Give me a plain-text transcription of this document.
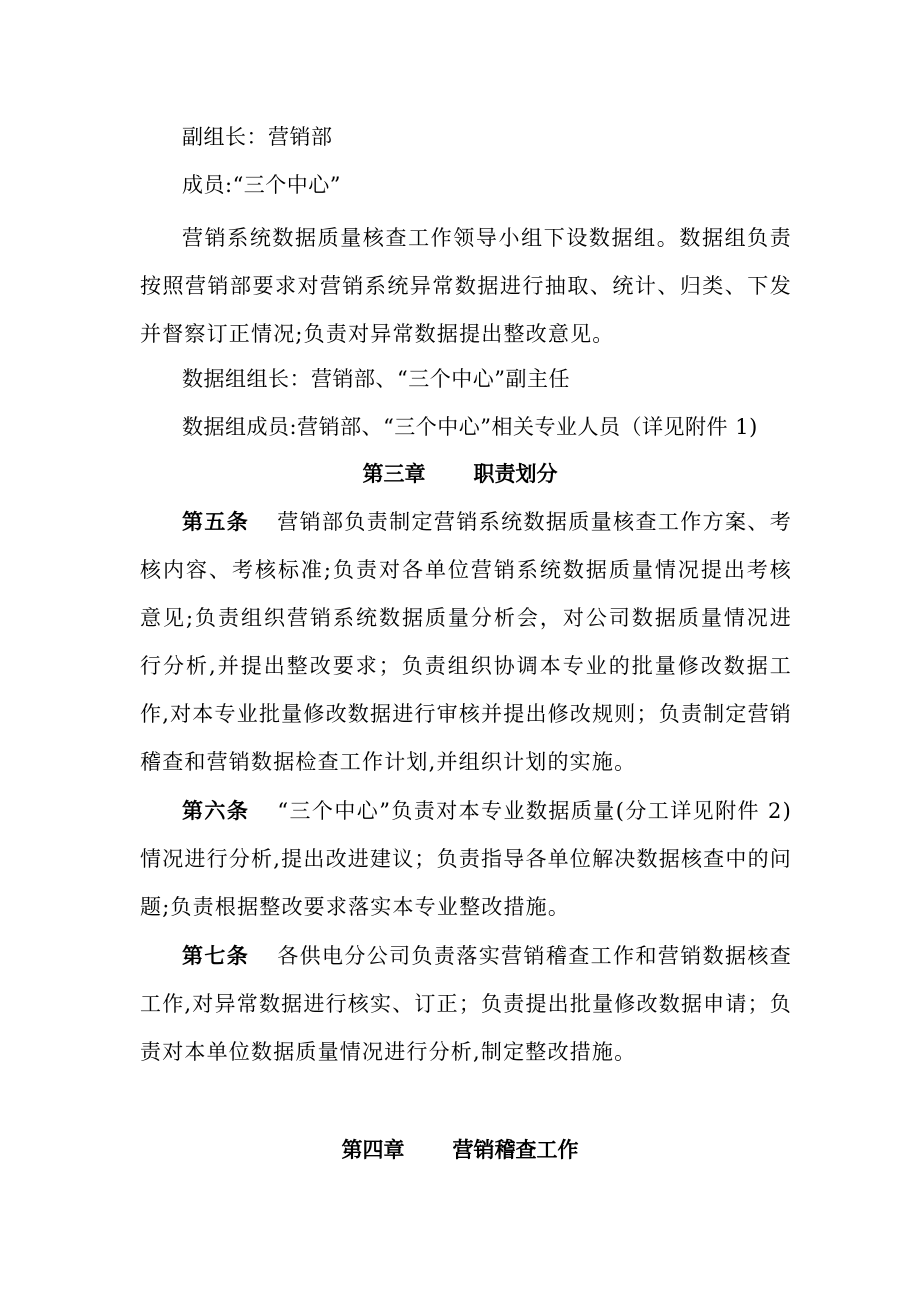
副组长：营销部
成员:“三个中心”
营销系统数据质量核查工作领导小组下设数据组。数据组负责按照营销部要求对营销系统异常数据进行抽取、统计、归类、下发并督察订正情况;负责对异常数据提出整改意见。
数据组组长：营销部、“三个中心”副主任
数据组成员:营销部、“三个中心”相关专业人员（详见附件 1)
第三章 职责划分
第五条 营销部负责制定营销系统数据质量核查工作方案、考核内容、考核标准;负责对各单位营销系统数据质量情况提出考核意见;负责组织营销系统数据质量分析会，对公司数据质量情况进行分析,并提出整改要求；负责组织协调本专业的批量修改数据工作,对本专业批量修改数据进行审核并提出修改规则；负责制定营销稽查和营销数据检查工作计划,并组织计划的实施。
第六条 “三个中心”负责对本专业数据质量(分工详见附件 2)情况进行分析,提出改进建议；负责指导各单位解决数据核查中的问题;负责根据整改要求落实本专业整改措施。
第七条 各供电分公司负责落实营销稽查工作和营销数据核查工作,对异常数据进行核实、订正；负责提出批量修改数据申请；负责对本单位数据质量情况进行分析,制定整改措施。
第四章 营销稽查工作
